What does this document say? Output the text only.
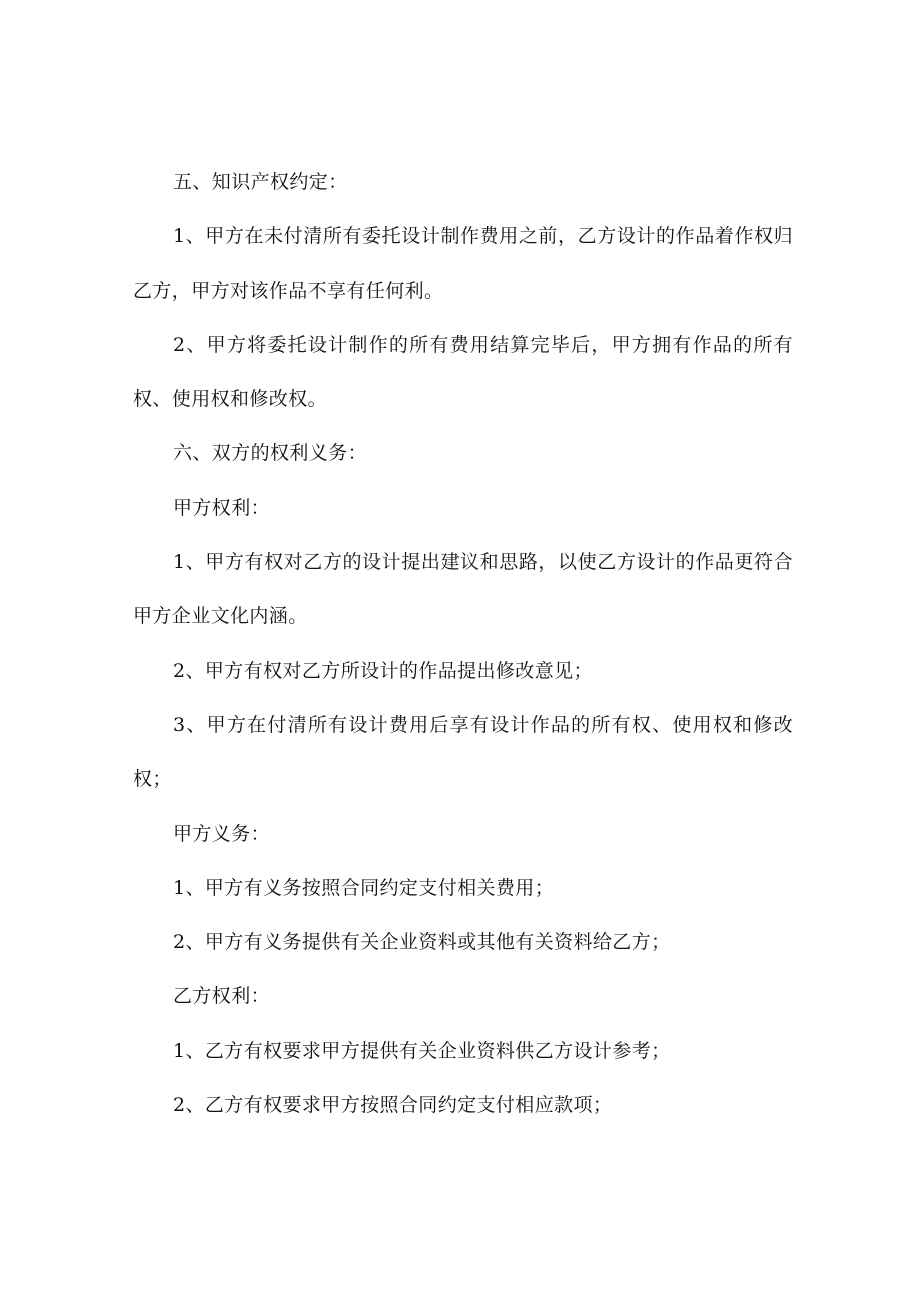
五、知识产权约定：

1、甲方在未付清所有委托设计制作费用之前，乙方设计的作品着作权归乙方，甲方对该作品不享有任何利。

2、甲方将委托设计制作的所有费用结算完毕后，甲方拥有作品的所有权、使用权和修改权。

六、双方的权利义务：

甲方权利：

1、甲方有权对乙方的设计提出建议和思路，以使乙方设计的作品更符合甲方企业文化内涵。

2、甲方有权对乙方所设计的作品提出修改意见；

3、甲方在付清所有设计费用后享有设计作品的所有权、使用权和修改权；

甲方义务：

1、甲方有义务按照合同约定支付相关费用；

2、甲方有义务提供有关企业资料或其他有关资料给乙方；

乙方权利：

1、乙方有权要求甲方提供有关企业资料供乙方设计参考；

2、乙方有权要求甲方按照合同约定支付相应款项；
